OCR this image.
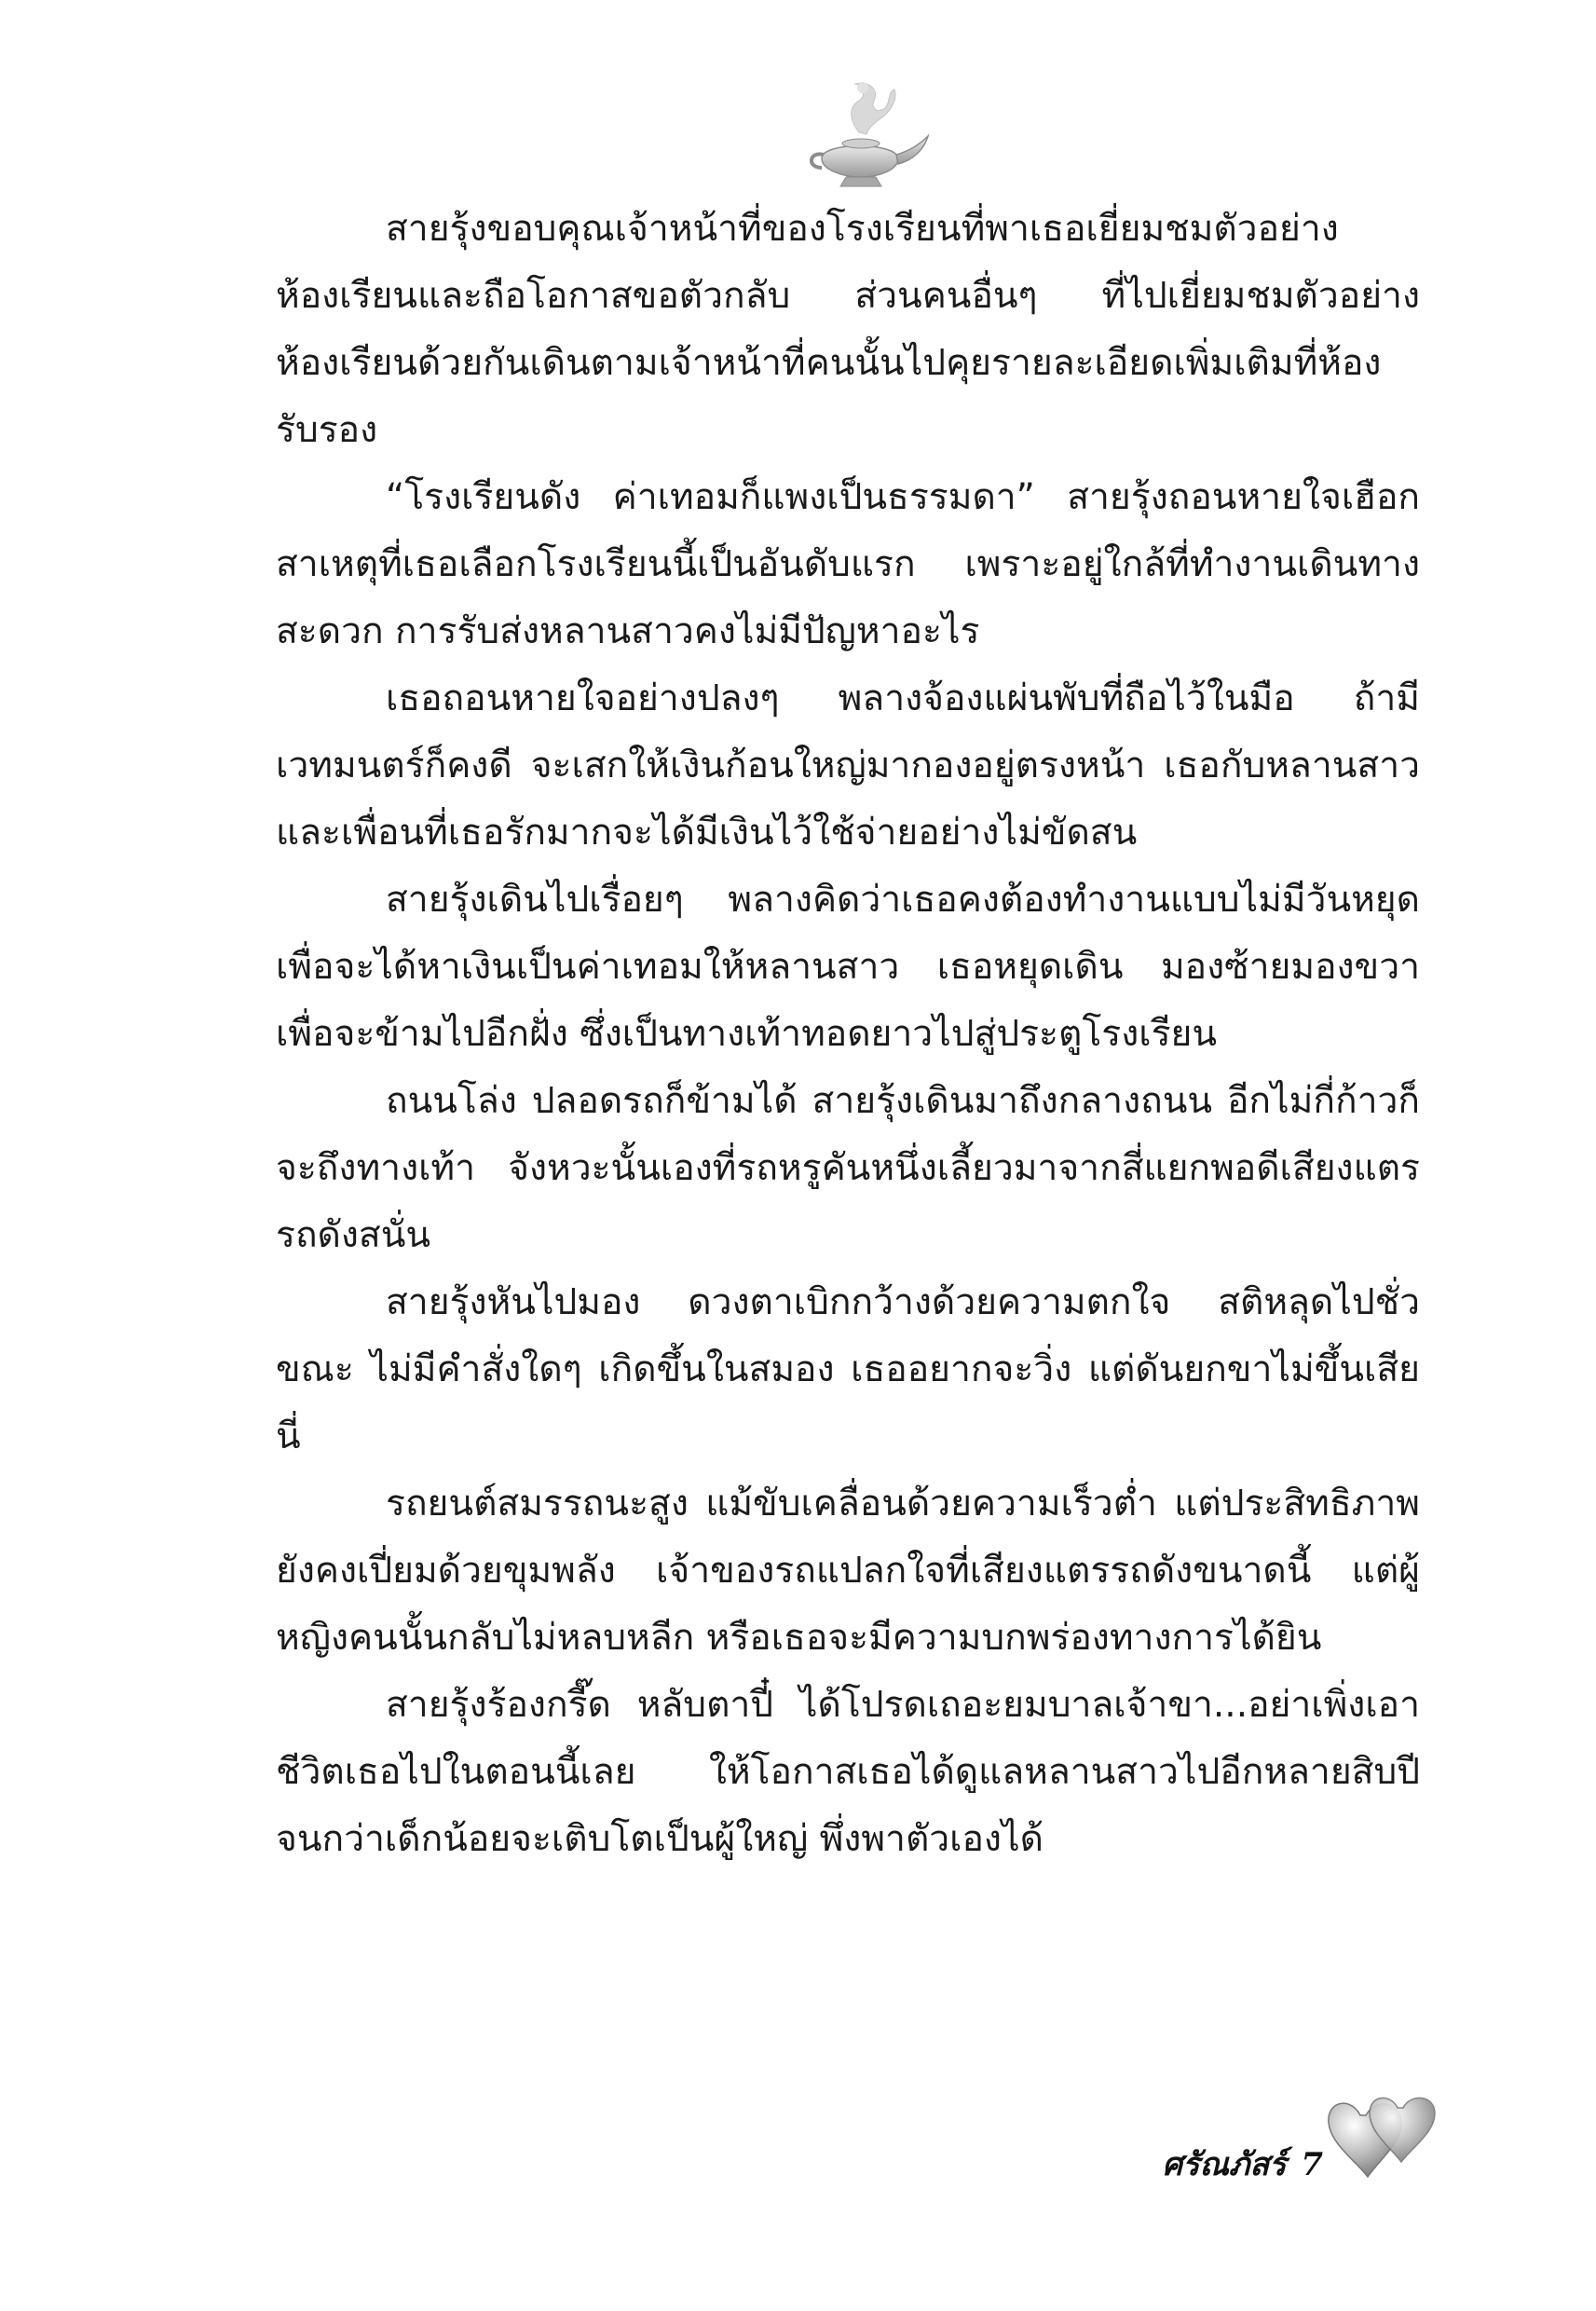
สายรุ้งขอบคุณเจ้าหน้าที่ของโรงเรียนที่พาเธอเยี่ยมชมตัวอย่างห้องเรียนและถือโอกาสขอตัวกลับ ส่วนคนอื่นๆ ที่ไปเยี่ยมชมตัวอย่างห้องเรียนด้วยกันเดินตามเจ้าหน้าที่คนนั้นไปคุยรายละเอียดเพิ่มเติมที่ห้องรับรอง

“โรงเรียนดัง ค่าเทอมก็แพงเป็นธรรมดา” สายรุ้งถอนหายใจเฮือก สาเหตุที่เธอเลือกโรงเรียนนี้เป็นอันดับแรก เพราะอยู่ใกล้ที่ทำงานเดินทางสะดวก การรับส่งหลานสาวคงไม่มีปัญหาอะไร

เธอถอนหายใจอย่างปลงๆ พลางจ้องแผ่นพับที่ถือไว้ในมือ ถ้ามีเวทมนตร์ก็คงดี จะเสกให้เงินก้อนใหญ่มากองอยู่ตรงหน้า เธอกับหลานสาวและเพื่อนที่เธอรักมากจะได้มีเงินไว้ใช้จ่ายอย่างไม่ขัดสน

สายรุ้งเดินไปเรื่อยๆ พลางคิดว่าเธอคงต้องทำงานแบบไม่มีวันหยุดเพื่อจะได้หาเงินเป็นค่าเทอมให้หลานสาว เธอหยุดเดิน มองซ้ายมองขวาเพื่อจะข้ามไปอีกฝั่ง ซึ่งเป็นทางเท้าทอดยาวไปสู่ประตูโรงเรียน

ถนนโล่ง ปลอดรถก็ข้ามได้ สายรุ้งเดินมาถึงกลางถนน อีกไม่กี่ก้าวก็จะถึงทางเท้า จังหวะนั้นเองที่รถหรูคันหนึ่งเลี้ยวมาจากสี่แยกพอดีเสียงแตรรถดังสนั่น

สายรุ้งหันไปมอง ดวงตาเบิกกว้างด้วยความตกใจ สติหลุดไปชั่วขณะ ไม่มีคำสั่งใดๆ เกิดขึ้นในสมอง เธออยากจะวิ่ง แต่ดันยกขาไม่ขึ้นเสียนี่

รถยนต์สมรรถนะสูง แม้ขับเคลื่อนด้วยความเร็วต่ำ แต่ประสิทธิภาพยังคงเปี่ยมด้วยขุมพลัง เจ้าของรถแปลกใจที่เสียงแตรรถดังขนาดนี้ แต่ผู้หญิงคนนั้นกลับไม่หลบหลีก หรือเธอจะมีความบกพร่องทางการได้ยิน

สายรุ้งร้องกรี๊ด หลับตาปี๋ ได้โปรดเถอะยมบาลเจ้าขา...อย่าเพิ่งเอาชีวิตเธอไปในตอนนี้เลย ให้โอกาสเธอได้ดูแลหลานสาวไปอีกหลายสิบปีจนกว่าเด็กน้อยจะเติบโตเป็นผู้ใหญ่ พึ่งพาตัวเองได้

ศรัณภัสร์ 7
